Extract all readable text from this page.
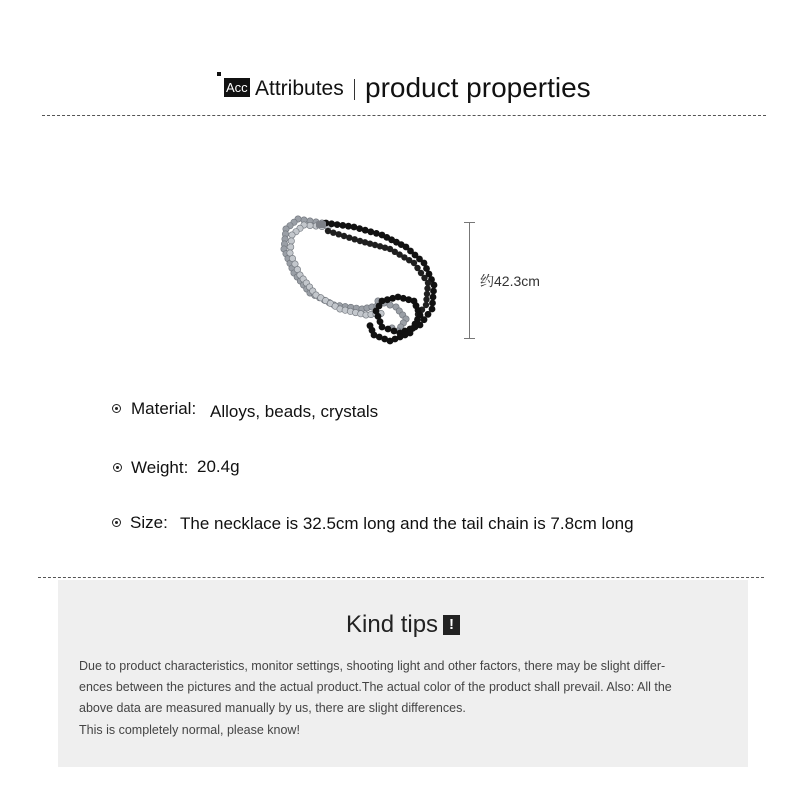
Acc Attributes product properties
约42.3cm
Material: Alloys, beads, crystals
Weight: 20.4g
Size: The necklace is 32.5cm long and the tail chain is 7.8cm long
Kind tips !
Due to product characteristics, monitor settings, shooting light and other factors, there may be slight differ-
ences between the pictures and the actual product.The actual color of the product shall prevail. Also: All the
above data are measured manually by us, there are slight differences.
This is completely normal, please know!
